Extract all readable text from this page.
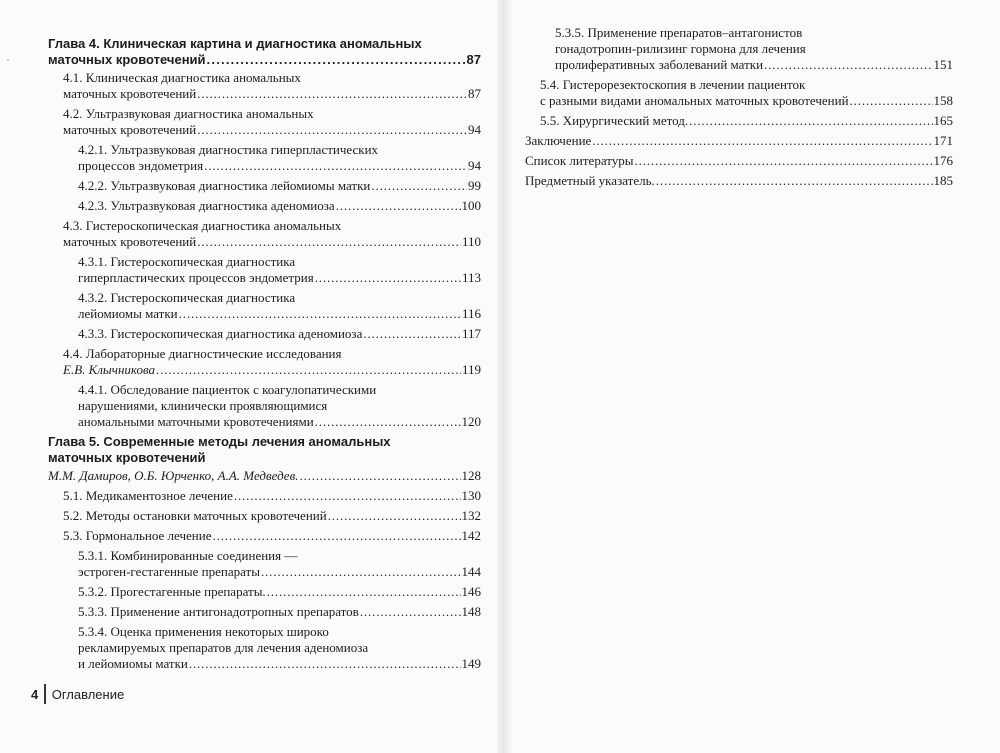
Глава 4. Клиническая картина и диагностика аномальных
маточных кровотечений . . .	87
4.1. Клиническая диагностика аномальных
маточных кровотечений . . .	87
4.2. Ультразвуковая диагностика аномальных
маточных кровотечений . . .	94
4.2.1. Ультразвуковая диагностика гиперпластических
процессов эндометрия . . .	94
4.2.2. Ультразвуковая диагностика лейомиомы матки . . .	99
4.2.3. Ультразвуковая диагностика аденомиоза . . .	100
4.3. Гистероскопическая диагностика аномальных
маточных кровотечений . . .	110
4.3.1. Гистероскопическая диагностика
гиперпластических процессов эндометрия . . .	113
4.3.2. Гистероскопическая диагностика
лейомиомы матки . . .	116
4.3.3. Гистероскопическая диагностика аденомиоза . . .	117
4.4. Лабораторные диагностические исследования
Е.В. Клычникова . . .	119
4.4.1. Обследование пациенток с коагулопатическими
нарушениями, клинически проявляющимися
аномальными маточными кровотечениями . . .	120
Глава 5. Современные методы лечения аномальных
маточных кровотечений
М.М. Дамиров, О.Б. Юрченко, А.А. Медведев. . . .	128
5.1. Медикаментозное лечение . . .	130
5.2. Методы остановки маточных кровотечений . . .	132
5.3. Гормональное лечение . . .	142
5.3.1. Комбинированные соединения —
эстроген-гестагенные препараты . . .	144
5.3.2. Прогестагенные препараты. . . .	146
5.3.3. Применение антигонадотропных препаратов . . .	148
5.3.4. Оценка применения некоторых широко
рекламируемых препаратов для лечения аденомиоза
и лейомиомы матки . . .	149
5.3.5. Применение препаратов–антагонистов
гонадотропин-рилизинг гормона для лечения
пролиферативных заболеваний матки . . .	151
5.4. Гистерорезектоскопия в лечении пациенток
с разными видами аномальных маточных кровотечений . . .	158
5.5. Хирургический метод. . . .	165
Заключение . . .	171
Список литературы . . .	176
Предметный указатель. . . .	185
4	Оглавление
